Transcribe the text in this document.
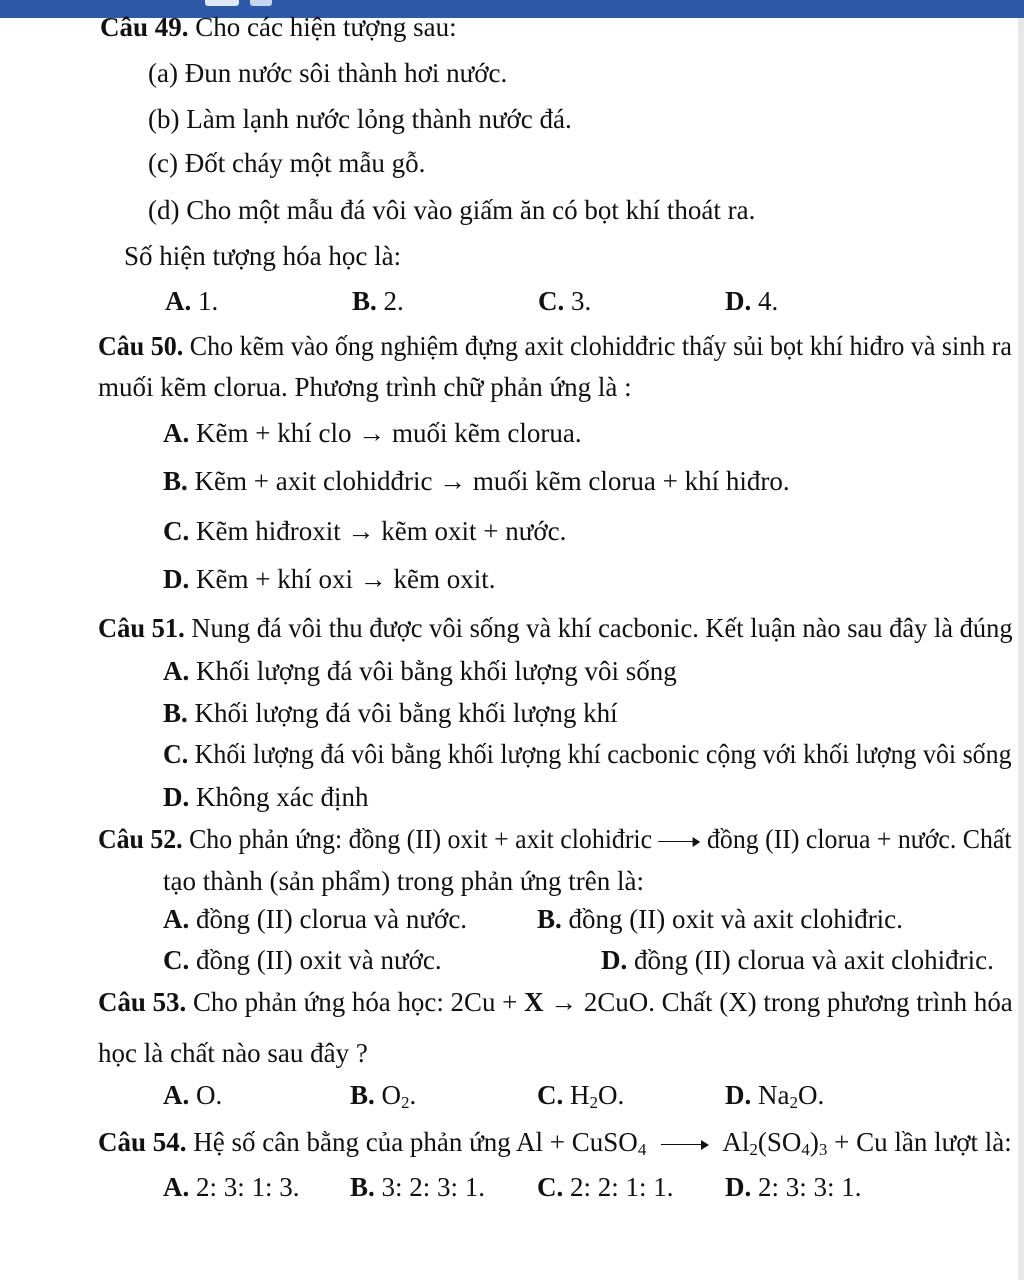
Câu 49. Cho các hiện tượng sau:
(a) Đun nước sôi thành hơi nước.
(b) Làm lạnh nước lỏng thành nước đá.
(c) Đốt cháy một mẫu gỗ.
(d) Cho một mẫu đá vôi vào giấm ăn có bọt khí thoát ra.
Số hiện tượng hóa học là:
A. 1.	B. 2.	C. 3.	D. 4.
Câu 50. Cho kẽm vào ống nghiệm đựng axit clohidđric thấy sủi bọt khí hiđro và sinh ra
muối kẽm clorua. Phương trình chữ phản ứng là :
A. Kẽm + khí clo → muối kẽm clorua.
B. Kẽm + axit clohidđric → muối kẽm clorua + khí hiđro.
C. Kẽm hiđroxit → kẽm oxit + nước.
D. Kẽm + khí oxi → kẽm oxit.
Câu 51. Nung đá vôi thu được vôi sống và khí cacbonic. Kết luận nào sau đây là đúng
A. Khối lượng đá vôi bằng khối lượng vôi sống
B. Khối lượng đá vôi bằng khối lượng khí
C. Khối lượng đá vôi bằng khối lượng khí cacbonic cộng với khối lượng vôi sống
D. Không xác định
Câu 52. Cho phản ứng: đồng (II) oxit + axit clohiđric đồng (II) clorua + nước. Chất
tạo thành (sản phẩm) trong phản ứng trên là:
A. đồng (II) clorua và nước.	B. đồng (II) oxit và axit clohiđric.
C. đồng (II) oxit và nước.	D. đồng (II) clorua và axit clohiđric.
Câu 53. Cho phản ứng hóa học: 2Cu + X → 2CuO. Chất (X) trong phương trình hóa
học là chất nào sau đây ?
A. O.	B. $O_2$.	C. $H_2O$.	D. $Na_2O$.
Câu 54. Hệ số cân bằng của phản ứng Al + CuSO$_4$	$Al_2(SO_4)_3 + Cu$ lần lượt là:
A. 2: 3: 1: 3. B. 3: 2: 3: 1. C. 2: 2: 1: 1. D. 2: 3: 3: 1.
